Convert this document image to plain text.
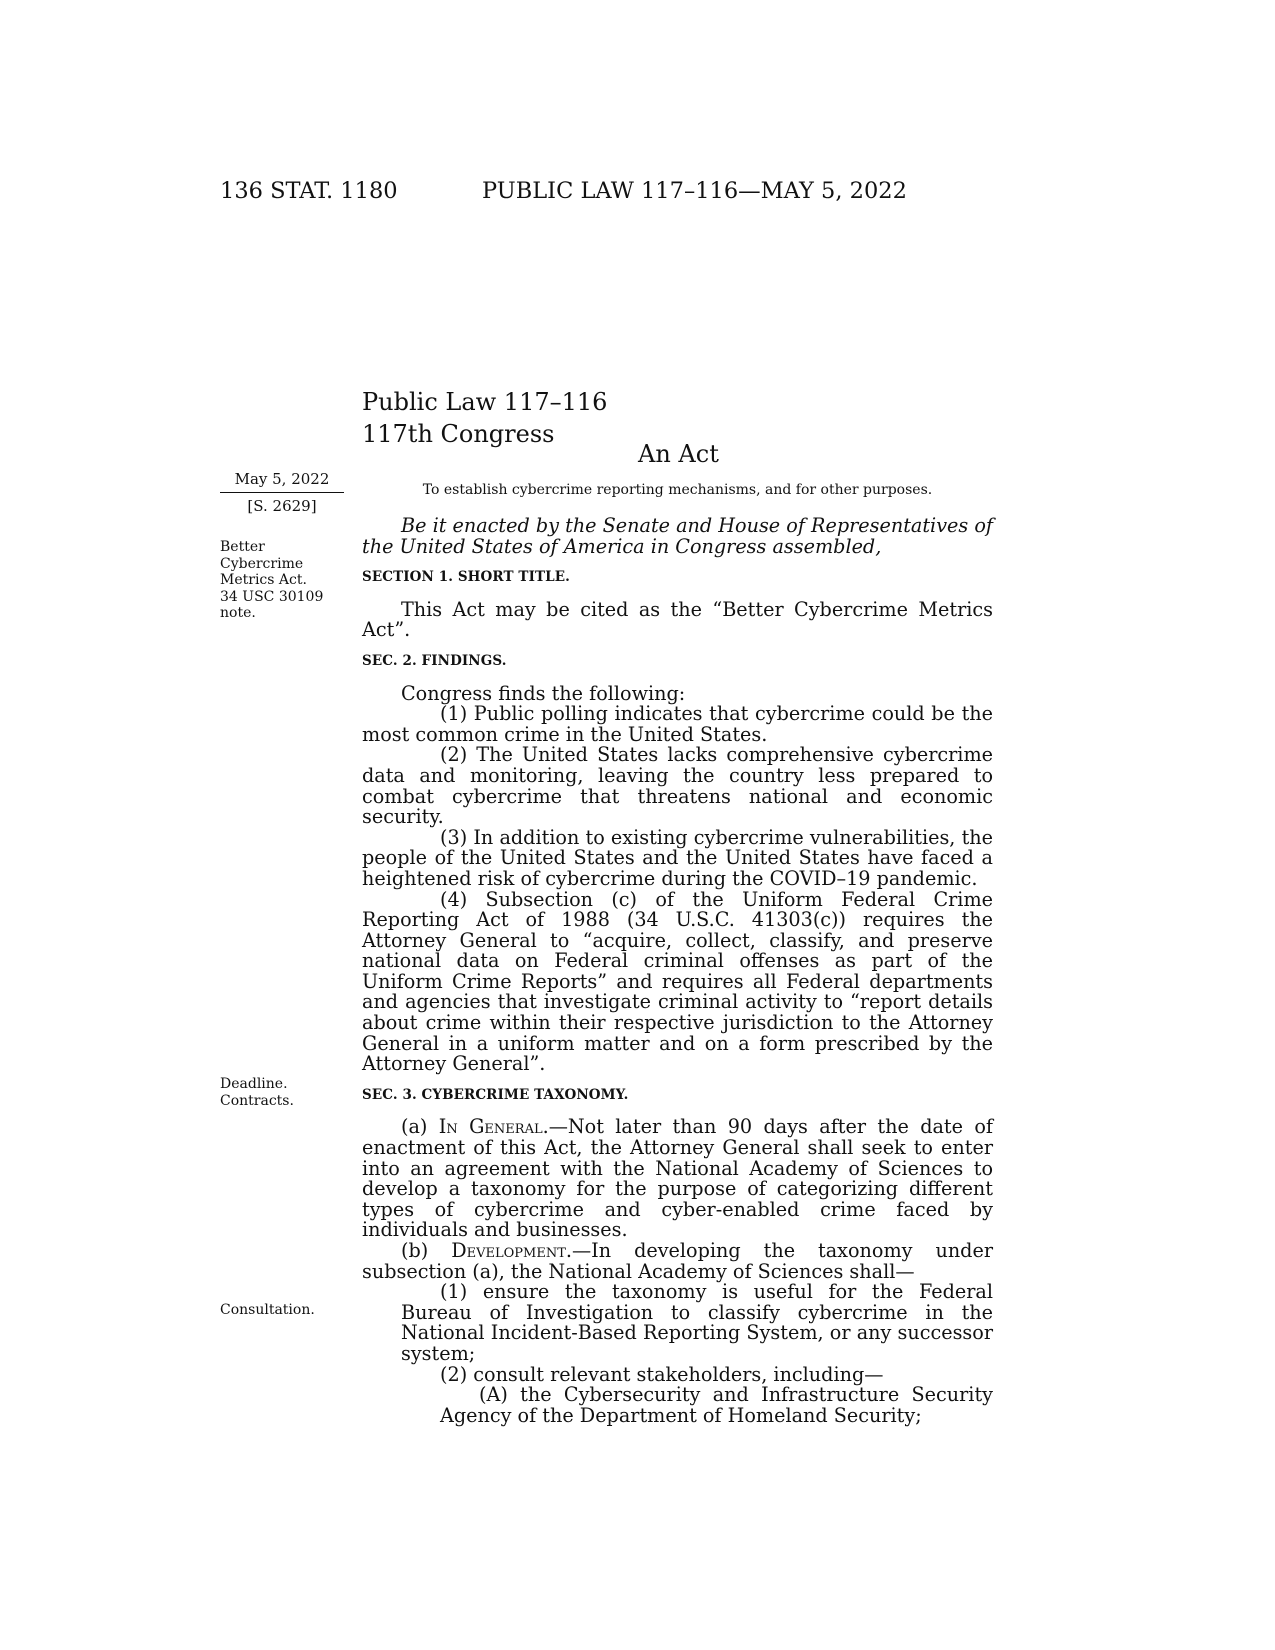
136 STAT. 1180	PUBLIC LAW 117–116—MAY 5, 2022
Public Law 117–116
117th Congress
An Act
May 5, 2022
[S. 2629]
To establish cybercrime reporting mechanisms, and for other purposes.
Better
Cybercrime
Metrics Act.
34 USC 30109
note.
Deadline.
Contracts.
Consultation.

Be it enacted by the Senate and House of Representatives of the United States of America in Congress assembled,

SECTION 1. SHORT TITLE.

This Act may be cited as the “Better Cybercrime Metrics Act”.

SEC. 2. FINDINGS.

Congress finds the following:

(1) Public polling indicates that cybercrime could be the most common crime in the United States.

(2) The United States lacks comprehensive cybercrime data and monitoring, leaving the country less prepared to combat cybercrime that threatens national and economic security.

(3) In addition to existing cybercrime vulnerabilities, the people of the United States and the United States have faced a heightened risk of cybercrime during the COVID–19 pandemic.

(4) Subsection (c) of the Uniform Federal Crime Reporting Act of 1988 (34 U.S.C. 41303(c)) requires the Attorney General to “acquire, collect, classify, and preserve national data on Federal criminal offenses as part of the Uniform Crime Reports” and requires all Federal departments and agencies that investigate criminal activity to “report details about crime within their respective jurisdiction to the Attorney General in a uniform matter and on a form prescribed by the Attorney General”.

SEC. 3. CYBERCRIME TAXONOMY.

(a) In General.—Not later than 90 days after the date of enactment of this Act, the Attorney General shall seek to enter into an agreement with the National Academy of Sciences to develop a taxonomy for the purpose of categorizing different types of cybercrime and cyber-enabled crime faced by individuals and businesses.

(b) Development.—In developing the taxonomy under subsection (a), the National Academy of Sciences shall—

(1) ensure the taxonomy is useful for the Federal Bureau of Investigation to classify cybercrime in the National Incident-Based Reporting System, or any successor system;

(2) consult relevant stakeholders, including—

(A) the Cybersecurity and Infrastructure Security Agency of the Department of Homeland Security;
